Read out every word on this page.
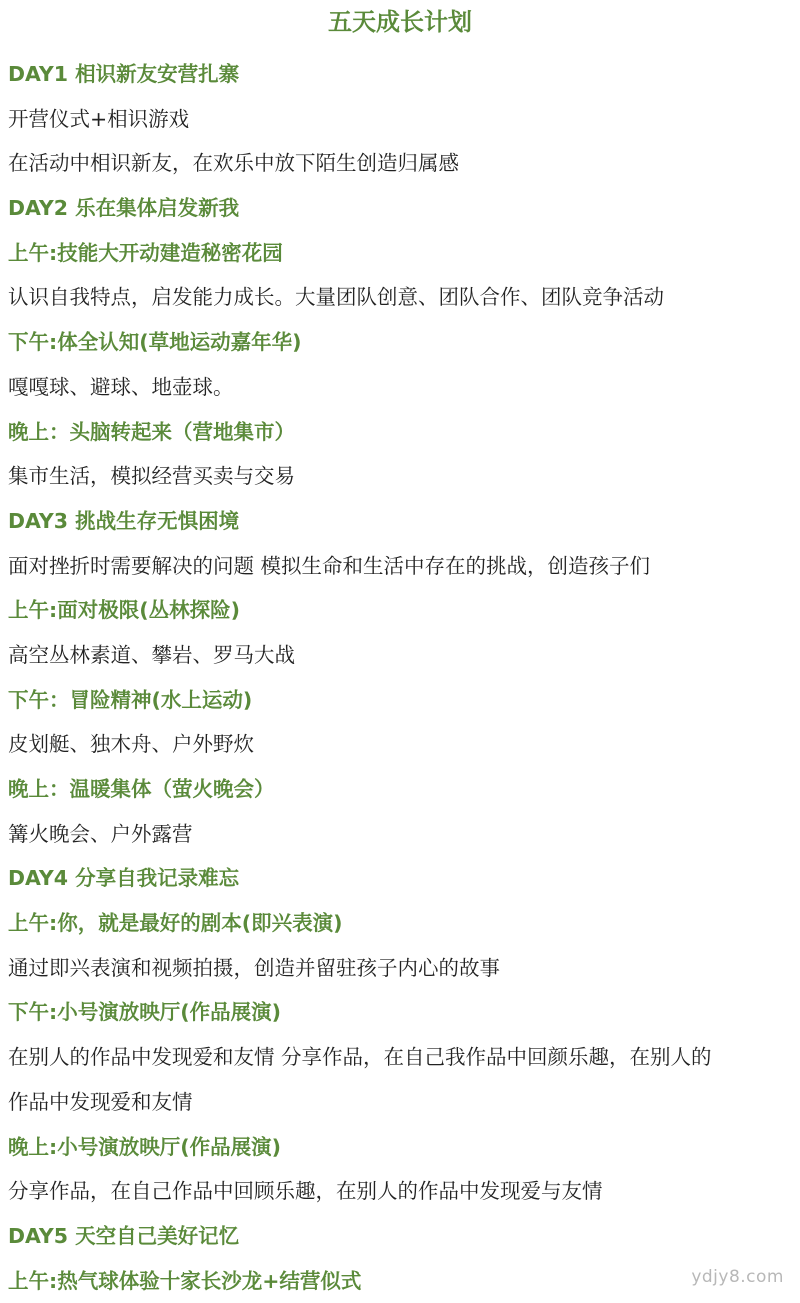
五天成长计划
DAY1 相识新友安营扎寨
开营仪式+相识游戏
在活动中相识新友，在欢乐中放下陌生创造归属感
DAY2 乐在集体启发新我
上午:技能大开动建造秘密花园
认识自我特点，启发能力成长。大量团队创意、团队合作、团队竞争活动
下午:体全认知(草地运动嘉年华)
嘎嘎球、避球、地壶球。
晚上：头脑转起来（营地集市）
集市生活，模拟经营买卖与交易
DAY3 挑战生存无惧困境
面对挫折时需要解决的问题 模拟生命和生活中存在的挑战，创造孩子们
上午:面对极限(丛林探险)
高空丛林素道、攀岩、罗马大战
下午：冒险精神(水上运动)
皮划艇、独木舟、户外野炊
晚上：温暖集体（萤火晚会）
篝火晚会、户外露营
DAY4 分享自我记录难忘
上午:你，就是最好的剧本(即兴表演)
通过即兴表演和视频拍摄，创造并留驻孩子内心的故事
下午:小号演放映厅(作品展演)
在别人的作品中发现爱和友情 分享作品，在自己我作品中回颜乐趣，在别人的
作品中发现爱和友情
晚上:小号演放映厅(作品展演)
分享作品，在自己作品中回顾乐趣，在别人的作品中发现爱与友情
DAY5 天空自己美好记忆
上午:热气球体验十家长沙龙+结营似式	ydjy8.com
